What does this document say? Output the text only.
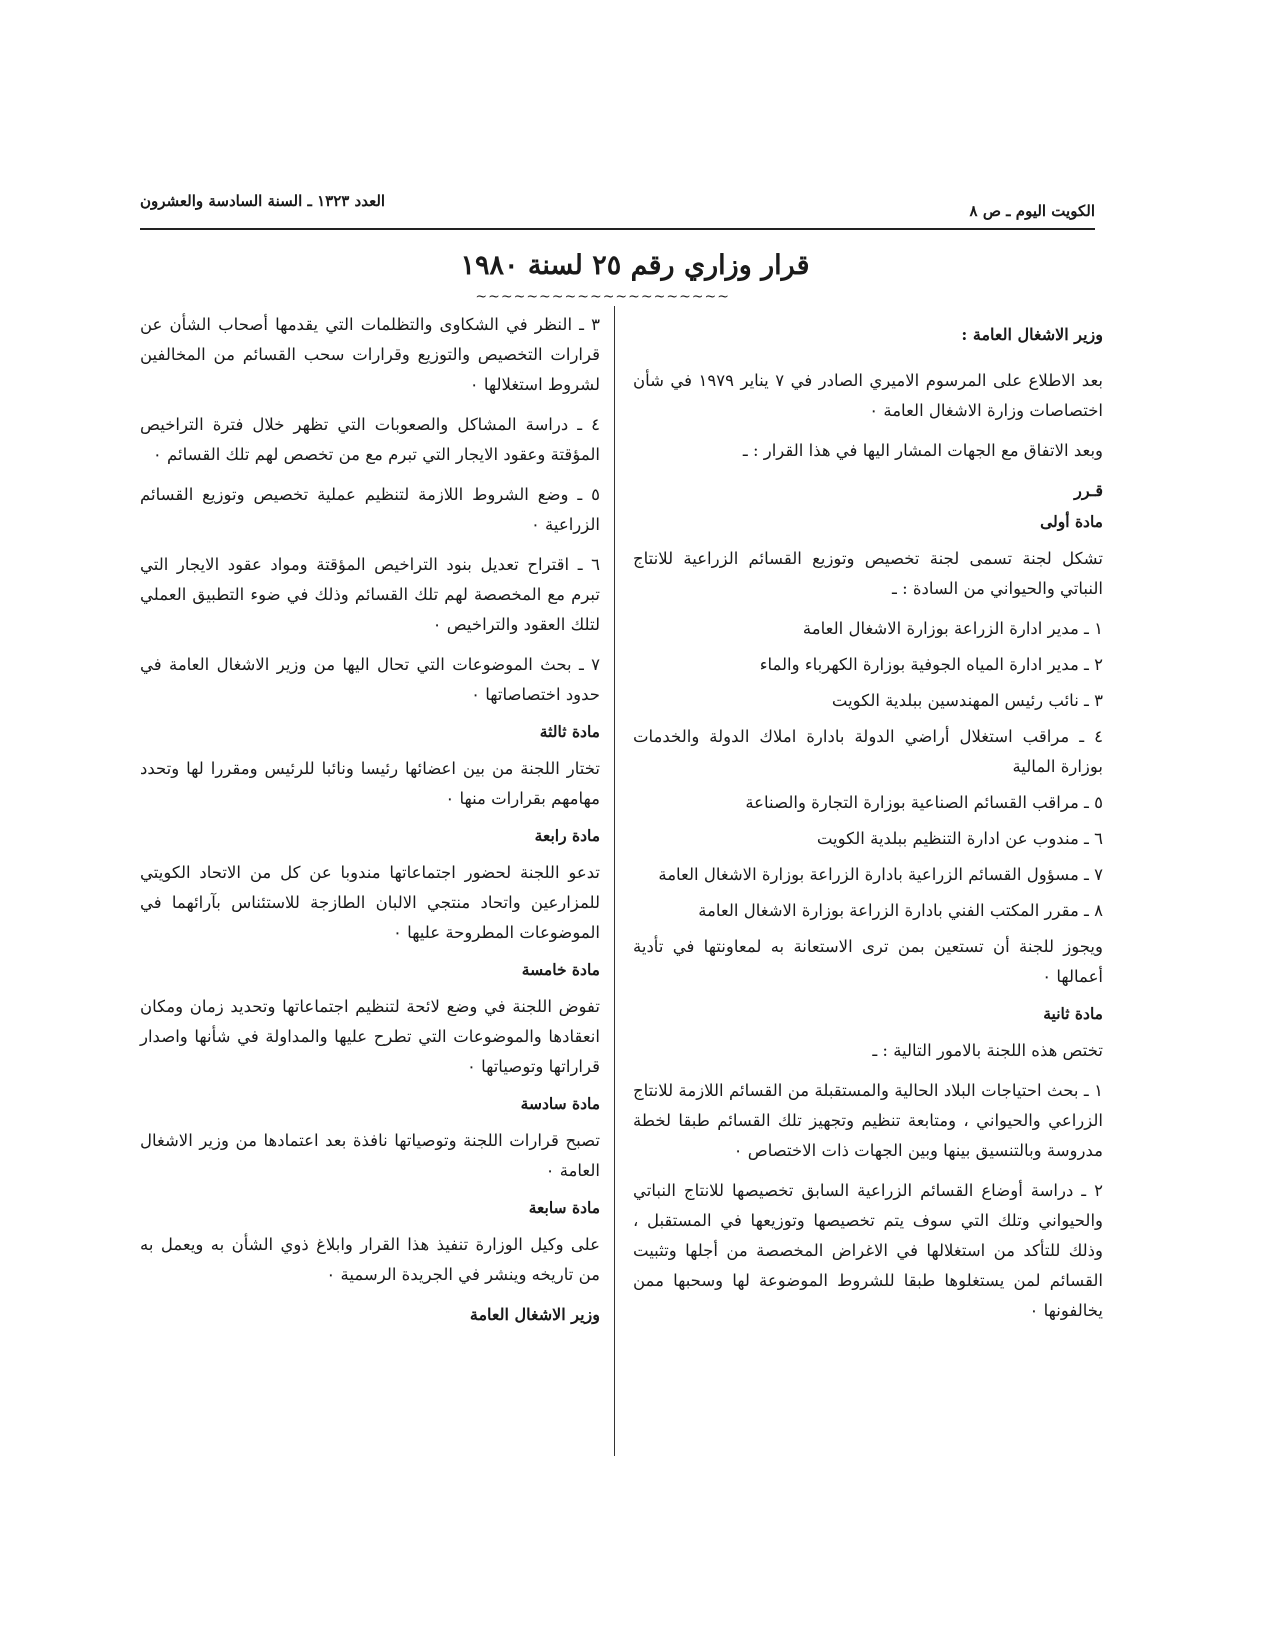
الكويت اليوم ـ ص ٨
العدد ١٣٢٣ ـ السنة السادسة والعشرون
قرار وزاري رقم ٢٥ لسنة ١٩٨٠
~~~~~~~~~~~~~~~~~~~~

وزير الاشغال العامة :

بعد الاطلاع على المرسوم الاميري الصادر في ٧ يناير ١٩٧٩ في شأن اختصاصات وزارة الاشغال العامة ٠

وبعد الاتفاق مع الجهات المشار اليها في هذا القرار : ـ

قـرر

مادة أولى

تشكل لجنة تسمى لجنة تخصيص وتوزيع القسائم الزراعية للانتاج النباتي والحيواني من السادة : ـ

١ ـ مدير ادارة الزراعة بوزارة الاشغال العامة

٢ ـ مدير ادارة المياه الجوفية بوزارة الكهرباء والماء

٣ ـ نائب رئيس المهندسين ببلدية الكويت

٤ ـ مراقب استغلال أراضي الدولة بادارة املاك الدولة والخدمات بوزارة المالية

٥ ـ مراقب القسائم الصناعية بوزارة التجارة والصناعة

٦ ـ مندوب عن ادارة التنظيم ببلدية الكويت

٧ ـ مسؤول القسائم الزراعية بادارة الزراعة بوزارة الاشغال العامة

٨ ـ مقرر المكتب الفني بادارة الزراعة بوزارة الاشغال العامة

ويجوز للجنة أن تستعين بمن ترى الاستعانة به لمعاونتها في تأدية أعمالها ٠

مادة ثانية

تختص هذه اللجنة بالامور التالية : ـ

١ ـ بحث احتياجات البلاد الحالية والمستقبلة من القسائم اللازمة للانتاج الزراعي والحيواني ، ومتابعة تنظيم وتجهيز تلك القسائم طبقا لخطة مدروسة وبالتنسيق بينها وبين الجهات ذات الاختصاص ٠

٢ ـ دراسة أوضاع القسائم الزراعية السابق تخصيصها للانتاج النباتي والحيواني وتلك التي سوف يتم تخصيصها وتوزيعها في المستقبل ، وذلك للتأكد من استغلالها في الاغراض المخصصة من أجلها وتثبيت القسائم لمن يستغلوها طبقا للشروط الموضوعة لها وسحبها ممن يخالفونها ٠

٣ ـ النظر في الشكاوى والتظلمات التي يقدمها أصحاب الشأن عن قرارات التخصيص والتوزيع وقرارات سحب القسائم من المخالفين لشروط استغلالها ٠

٤ ـ دراسة المشاكل والصعوبات التي تظهر خلال فترة التراخيص المؤقتة وعقود الايجار التي تبرم مع من تخصص لهم تلك القسائم ٠

٥ ـ وضع الشروط اللازمة لتنظيم عملية تخصيص وتوزيع القسائم الزراعية ٠

٦ ـ اقتراح تعديل بنود التراخيص المؤقتة ومواد عقود الايجار التي تبرم مع المخصصة لهم تلك القسائم وذلك في ضوء التطبيق العملي لتلك العقود والتراخيص ٠

٧ ـ بحث الموضوعات التي تحال اليها من وزير الاشغال العامة في حدود اختصاصاتها ٠

مادة ثالثة

تختار اللجنة من بين اعضائها رئيسا ونائبا للرئيس ومقررا لها وتحدد مهامهم بقرارات منها ٠

مادة رابعة

تدعو اللجنة لحضور اجتماعاتها مندوبا عن كل من الاتحاد الكويتي للمزارعين واتحاد منتجي الالبان الطازجة للاستئناس بآرائهما في الموضوعات المطروحة عليها ٠

مادة خامسة

تفوض اللجنة في وضع لائحة لتنظيم اجتماعاتها وتحديد زمان ومكان انعقادها والموضوعات التي تطرح عليها والمداولة في شأنها واصدار قراراتها وتوصياتها ٠

مادة سادسة

تصبح قرارات اللجنة وتوصياتها نافذة بعد اعتمادها من وزير الاشغال العامة ٠

مادة سابعة

على وكيل الوزارة تنفيذ هذا القرار وابلاغ ذوي الشأن به ويعمل به من تاريخه وينشر في الجريدة الرسمية ٠

وزير الاشغال العامة
